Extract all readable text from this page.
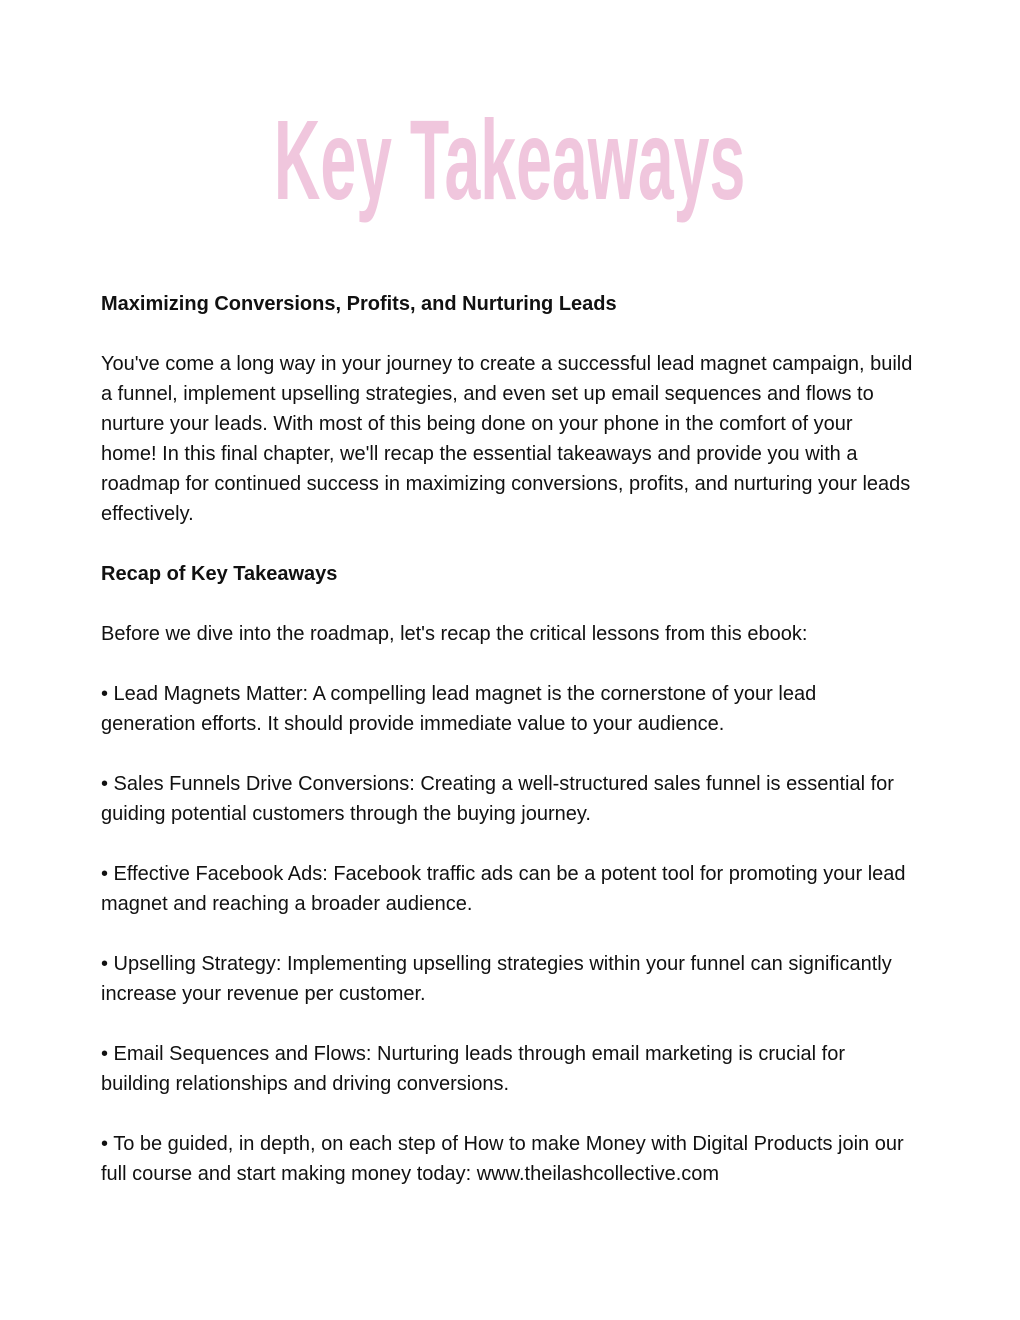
Key Takeaways

Maximizing Conversions, Profits, and Nurturing Leads

You've come a long way in your journey to create a successful lead magnet campaign, build a funnel, implement upselling strategies, and even set up email sequences and flows to nurture your leads. With most of this being done on your phone in the comfort of your home! In this final chapter, we'll recap the essential takeaways and provide you with a roadmap for continued success in maximizing conversions, profits, and nurturing your leads effectively.

Recap of Key Takeaways

Before we dive into the roadmap, let's recap the critical lessons from this ebook:

• Lead Magnets Matter: A compelling lead magnet is the cornerstone of your lead generation efforts. It should provide immediate value to your audience.

• Sales Funnels Drive Conversions: Creating a well-structured sales funnel is essential for guiding potential customers through the buying journey.

• Effective Facebook Ads: Facebook traffic ads can be a potent tool for promoting your lead magnet and reaching a broader audience.

• Upselling Strategy: Implementing upselling strategies within your funnel can significantly increase your revenue per customer.

• Email Sequences and Flows: Nurturing leads through email marketing is crucial for building relationships and driving conversions.

• To be guided, in depth, on each step of How to make Money with Digital Products join our full course and start making money today: www.theilashcollective.com
